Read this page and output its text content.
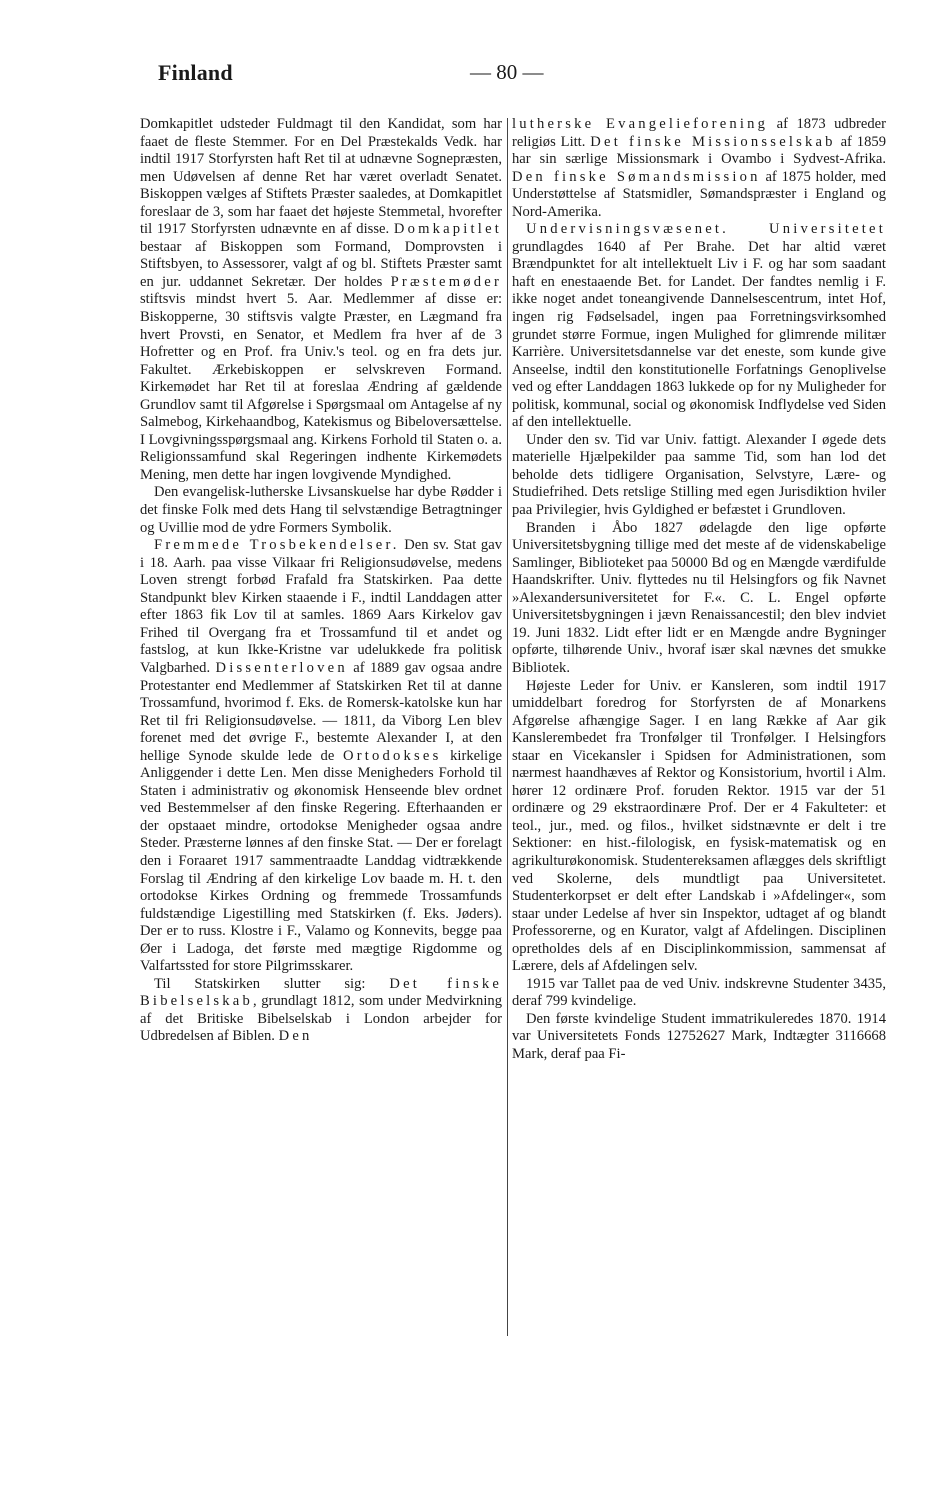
Finland	— 80 —

Domkapitlet udsteder Fuldmagt til den Kandidat, som har faaet de fleste Stemmer. For en Del Præstekalds Vedk. har indtil 1917 Storfyrsten haft Ret til at udnævne Sognepræsten, men Udøvelsen af denne Ret har været overladt Senatet. Biskoppen vælges af Stiftets Præster saaledes, at Domkapitlet foreslaar de 3, som har faaet det højeste Stemmetal, hvorefter til 1917 Storfyrsten udnævnte en af disse. Domkapitlet bestaar af Biskoppen som Formand, Domprovsten i Stiftsbyen, to Assessorer, valgt af og bl. Stiftets Præster samt en jur. uddannet Sekretær. Der holdes Præstemøder stiftsvis mindst hvert 5. Aar. Medlemmer af disse er: Biskopperne, 30 stiftsvis valgte Præster, en Lægmand fra hvert Provsti, en Senator, et Medlem fra hver af de 3 Hofretter og en Prof. fra Univ.'s teol. og en fra dets jur. Fakultet. Ærkebiskoppen er selvskreven Formand. Kirkemødet har Ret til at foreslaa Ændring af gældende Grundlov samt til Afgørelse i Spørgsmaal om Antagelse af ny Salmebog, Kirkehaandbog, Katekismus og Bibeloversættelse. I Lovgivningsspørgsmaal ang. Kirkens Forhold til Staten o. a. Religionssamfund skal Regeringen indhente Kirkemødets Mening, men dette har ingen lovgivende Myndighed.

Den evangelisk-lutherske Livsanskuelse har dybe Rødder i det finske Folk med dets Hang til selvstændige Betragtninger og Uvillie mod de ydre Formers Symbolik.

Fremmede Trosbekendelser. Den sv. Stat gav i 18. Aarh. paa visse Vilkaar fri Religionsudøvelse, medens Loven strengt forbød Frafald fra Statskirken. Paa dette Standpunkt blev Kirken staaende i F., indtil Landdagen atter efter 1863 fik Lov til at samles. 1869 Aars Kirkelov gav Frihed til Overgang fra et Trossamfund til et andet og fastslog, at kun Ikke-Kristne var udelukkede fra politisk Valgbarhed. Dissenterloven af 1889 gav ogsaa andre Protestanter end Medlemmer af Statskirken Ret til at danne Trossamfund, hvorimod f. Eks. de Romersk-katolske kun har Ret til fri Religionsudøvelse. — 1811, da Viborg Len blev forenet med det øvrige F., bestemte Alexander I, at den hellige Synode skulde lede de Ortodokses kirkelige Anliggender i dette Len. Men disse Menigheders Forhold til Staten i administrativ og økonomisk Henseende blev ordnet ved Bestemmelser af den finske Regering. Efterhaanden er der opstaaet mindre, ortodokse Menigheder ogsaa andre Steder. Præsterne lønnes af den finske Stat. — Der er forelagt den i Foraaret 1917 sammentraadte Landdag vidtrækkende Forslag til Ændring af den kirkelige Lov baade m. H. t. den ortodokse Kirkes Ordning og fremmede Trossamfunds fuldstændige Ligestilling med Statskirken (f. Eks. Jøders). Der er to russ. Klostre i F., Valamo og Konnevits, begge paa Øer i Ladoga, det første med mægtige Rigdomme og Valfartssted for store Pilgrimsskarer.

Til Statskirken slutter sig: Det finske Bibelselskab, grundlagt 1812, som under Medvirkning af det Britiske Bibelselskab i London arbejder for Udbredelsen af Biblen. Den

lutherske Evangelieforening af 1873 udbreder religiøs Litt. Det finske Missionsselskab af 1859 har sin særlige Missionsmark i Ovambo i Sydvest-Afrika. Den finske Sømandsmission af 1875 holder, med Understøttelse af Statsmidler, Sømandspræster i England og Nord-Amerika.

Undervisningsvæsenet.	Universitetet grundlagdes 1640 af Per Brahe. Det har altid været Brændpunktet for alt intellektuelt Liv i F. og har som saadant haft en enestaaende Bet. for Landet. Der fandtes nemlig i F. ikke noget andet toneangivende Dannelsescentrum, intet Hof, ingen rig Fødselsadel, ingen paa Forretningsvirksomhed grundet større Formue, ingen Mulighed for glimrende militær Karrière. Universitetsdannelse var det eneste, som kunde give Anseelse, indtil den konstitutionelle Forfatnings Genoplivelse ved og efter Landdagen 1863 lukkede op for ny Muligheder for politisk, kommunal, social og økonomisk Indflydelse ved Siden af den intellektuelle.

Under den sv. Tid var Univ. fattigt. Alexander I øgede dets materielle Hjælpekilder paa samme Tid, som han lod det beholde dets tidligere Organisation, Selvstyre, Lære- og Studiefrihed. Dets retslige Stilling med egen Jurisdiktion hviler paa Privilegier, hvis Gyldighed er befæstet i Grundloven.

Branden i Åbo 1827 ødelagde den lige opførte Universitetsbygning tillige med det meste af de videnskabelige Samlinger, Biblioteket paa 50000 Bd og en Mængde værdifulde Haandskrifter. Univ. flyttedes nu til Helsingfors og fik Navnet »Alexandersuniversitetet for F.«. C. L. Engel opførte Universitetsbygningen i jævn Renaissancestil; den blev indviet 19. Juni 1832. Lidt efter lidt er en Mængde andre Bygninger opførte, tilhørende Univ., hvoraf især skal nævnes det smukke Bibliotek.

Højeste Leder for Univ. er Kansleren, som indtil 1917 umiddelbart foredrog for Storfyrsten de af Monarkens Afgørelse afhængige Sager. I en lang Række af Aar gik Kanslerembedet fra Tronfølger til Tronfølger. I Helsingfors staar en Vicekansler i Spidsen for Administrationen, som nærmest haandhæves af Rektor og Konsistorium, hvortil i Alm. hører 12 ordinære Prof. foruden Rektor. 1915 var der 51 ordinære og 29 ekstraordinære Prof. Der er 4 Fakulteter: et teol., jur., med. og filos., hvilket sidstnævnte er delt i tre Sektioner: en hist.-filologisk, en fysisk-matematisk og en agrikulturøkonomisk. Studentereksamen aflægges dels skriftligt ved Skolerne, dels mundtligt paa Universitetet. Studenterkorpset er delt efter Landskab i »Afdelinger«, som staar under Ledelse af hver sin Inspektor, udtaget af og blandt Professorerne, og en Kurator, valgt af Afdelingen. Disciplinen opretholdes dels af en Disciplinkommission, sammensat af Lærere, dels af Afdelingen selv.

1915 var Tallet paa de ved Univ. indskrevne Studenter 3435, deraf 799 kvindelige.

Den første kvindelige Student immatrikuleredes 1870. 1914 var Universitetets Fonds 12752627 Mark, Indtægter 3116668 Mark, deraf paa Fi-
